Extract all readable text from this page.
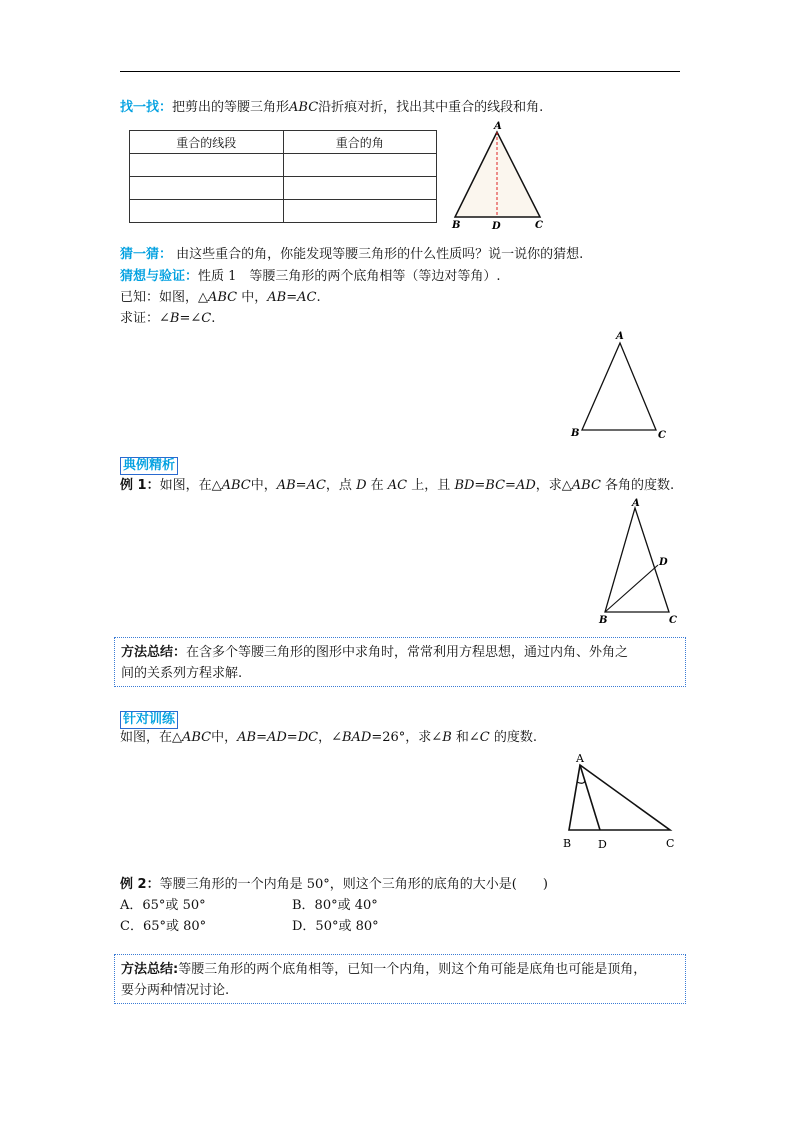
找一找：把剪出的等腰三角形ABC沿折痕对折，找出其中重合的线段和角.
重合的线段	重合的角

A
B	D	C
猜一猜： 由这些重合的角，你能发现等腰三角形的什么性质吗？说一说你的猜想.
猜想与验证：性质 1　等腰三角形的两个底角相等（等边对等角）.
已知：如图，△ABC 中，AB=AC.
求证：∠B=∠C.
A
B	C
典例精析
例 1：如图，在△ABC中，AB=AC，点 D 在 AC 上，且 BD=BC=AD，求△ABC 各角的度数.
A
B	C
D
方法总结：在含多个等腰三角形的图形中求角时，常常利用方程思想，通过内角、外角之
间的关系列方程求解.
针对训练
如图，在△ABC中，AB=AD=DC，∠BAD=26°，求∠B 和∠C 的度数.
A
B D	C
例 2：等腰三角形的一个内角是 50°，则这个三角形的底角的大小是(　　)
A．65°或 50°	B．80°或 40°
C．65°或 80°	D．50°或 80°
方法总结:等腰三角形的两个底角相等，已知一个内角，则这个角可能是底角也可能是顶角，
要分两种情况讨论.
